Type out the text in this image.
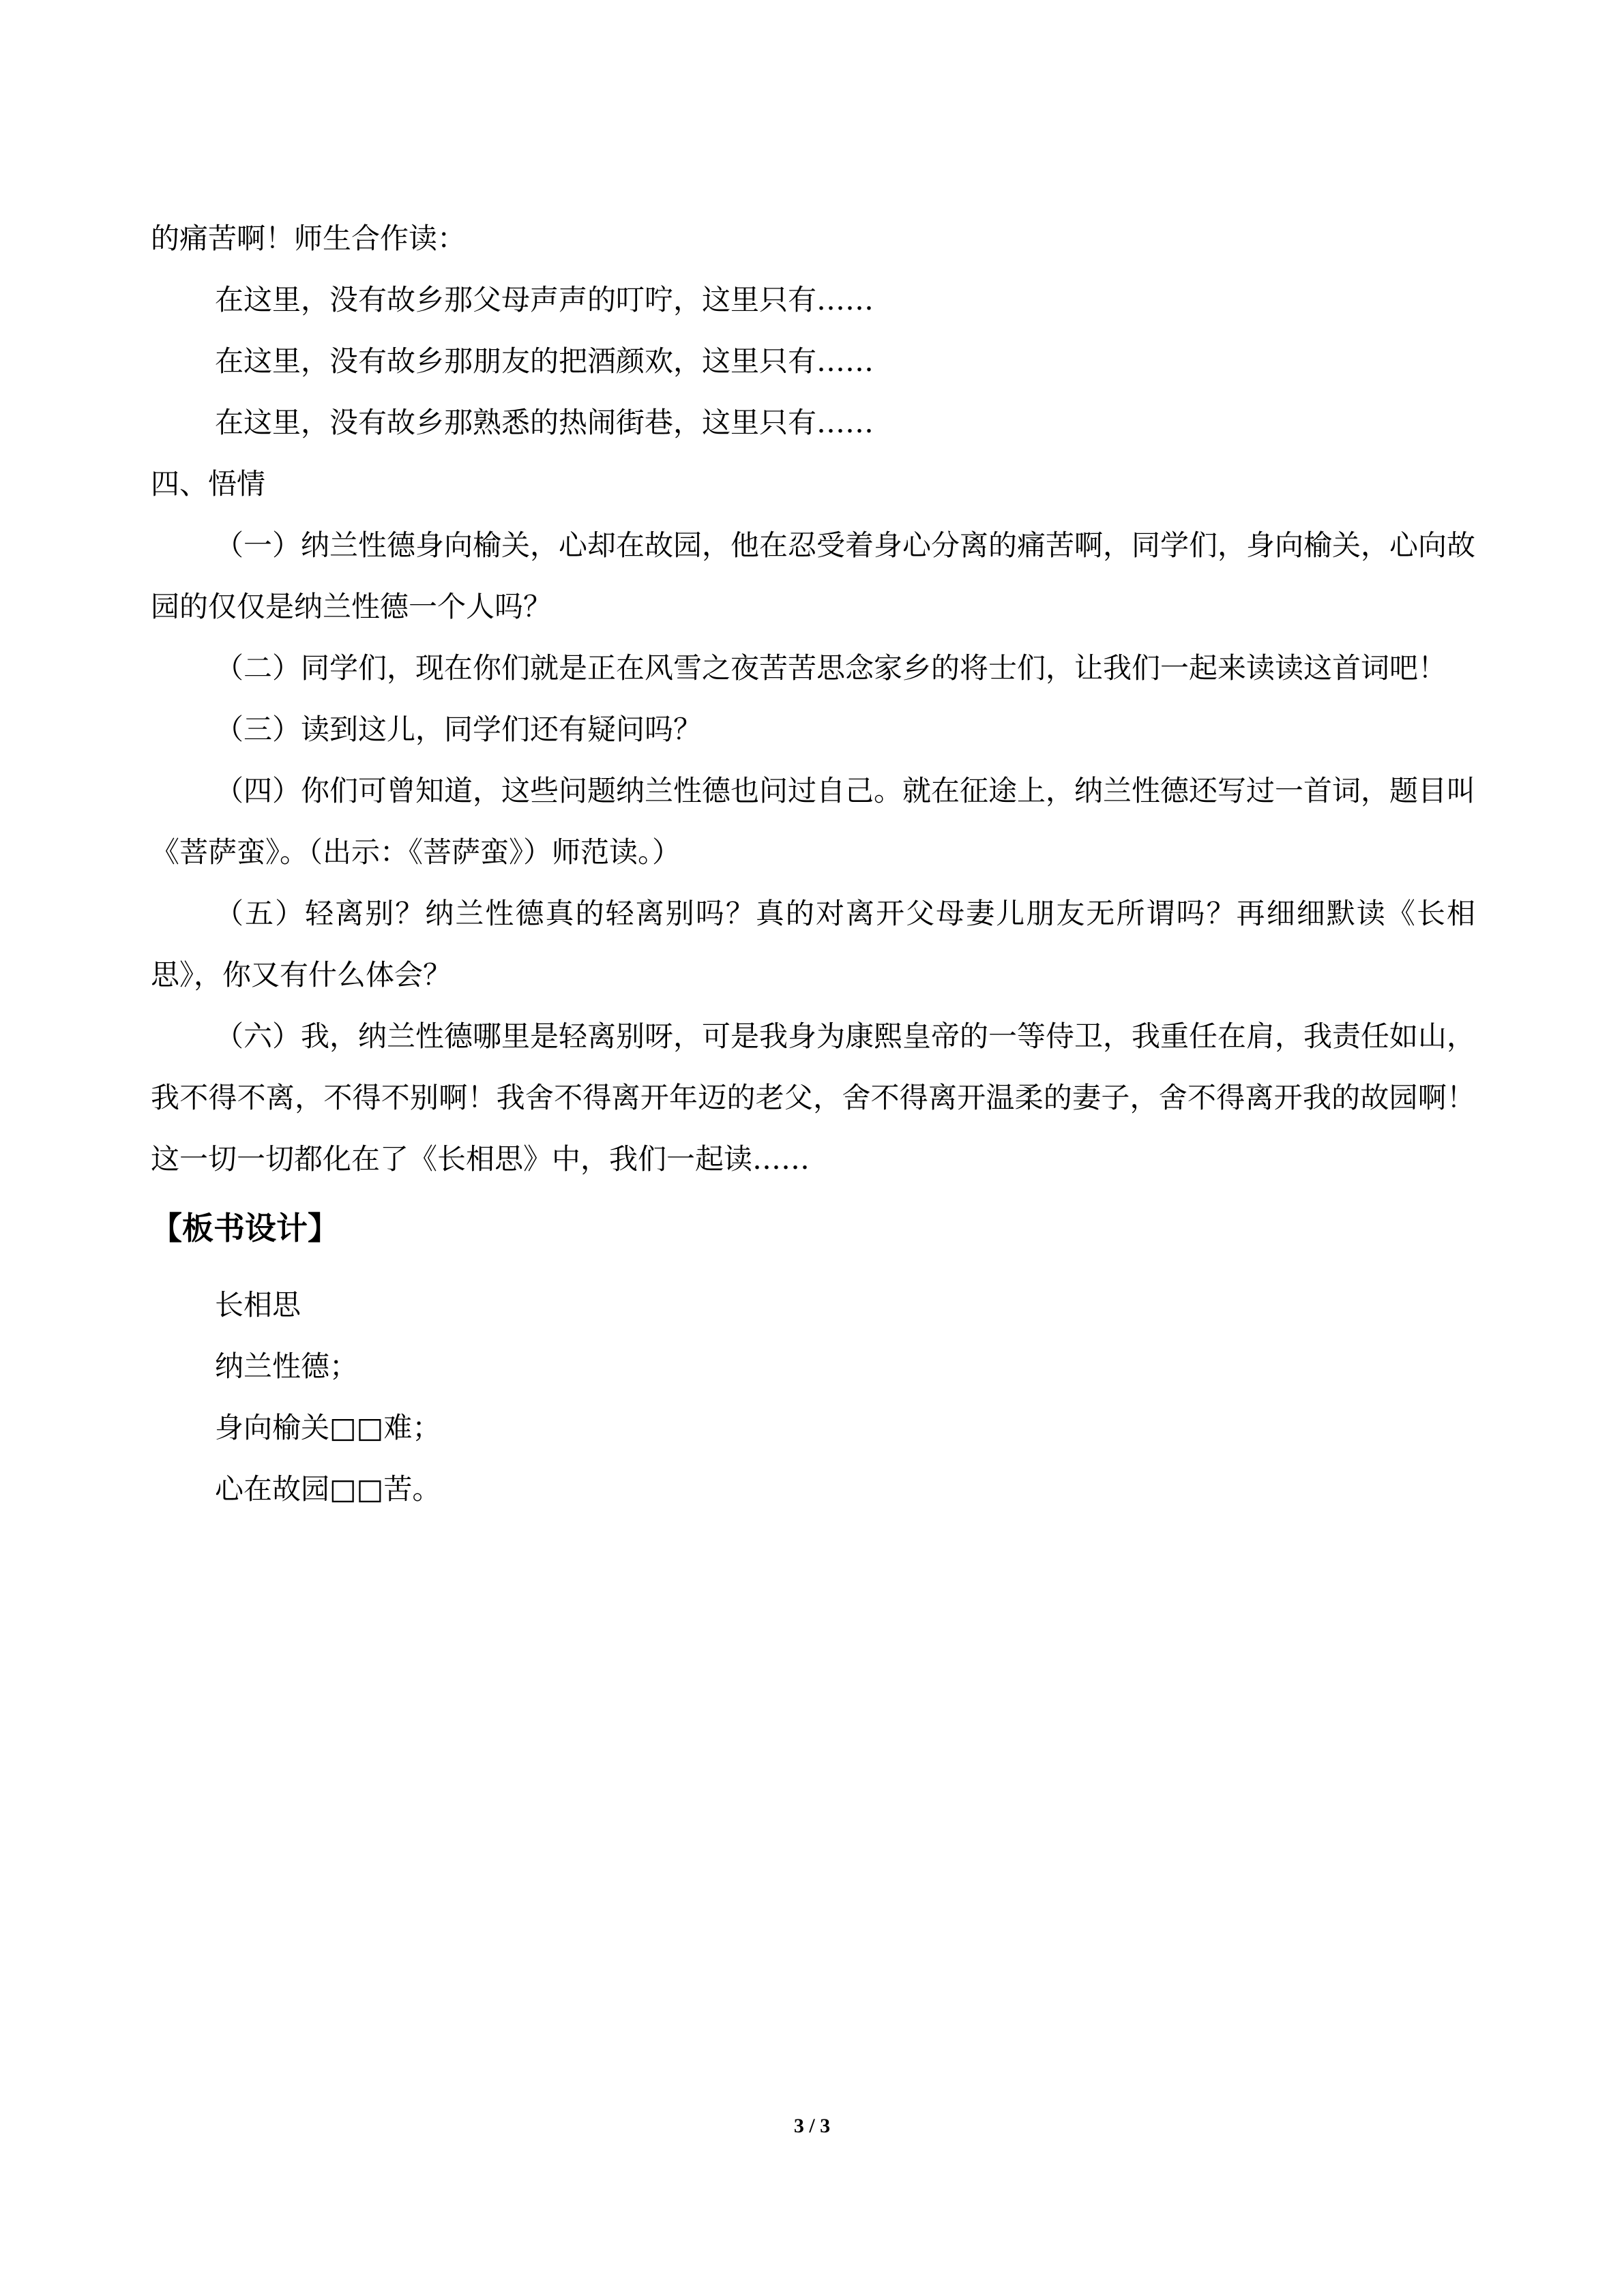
的痛苦啊！师生合作读：

在这里，没有故乡那父母声声的叮咛，这里只有……

在这里，没有故乡那朋友的把酒颜欢，这里只有……

在这里，没有故乡那熟悉的热闹街巷，这里只有……

四、悟情

（一）纳兰性德身向榆关，心却在故园，他在忍受着身心分离的痛苦啊，同学们，身向榆关，心向故园的仅仅是纳兰性德一个人吗？

（二）同学们，现在你们就是正在风雪之夜苦苦思念家乡的将士们，让我们一起来读读这首词吧！

（三）读到这儿，同学们还有疑问吗？

（四）你们可曾知道，这些问题纳兰性德也问过自己。就在征途上，纳兰性德还写过一首词，题目叫《菩萨蛮》。（出示：《菩萨蛮》）师范读。）

（五）轻离别？纳兰性德真的轻离别吗？真的对离开父母妻儿朋友无所谓吗？再细细默读《长相思》，你又有什么体会？

（六）我，纳兰性德哪里是轻离别呀，可是我身为康熙皇帝的一等侍卫，我重任在肩，我责任如山，我不得不离，不得不别啊！我舍不得离开年迈的老父，舍不得离开温柔的妻子，舍不得离开我的故园啊！这一切一切都化在了《长相思》中，我们一起读……

【板书设计】

长相思

纳兰性德；

身向榆关□□难；

心在故园□□苦。

3 / 3
